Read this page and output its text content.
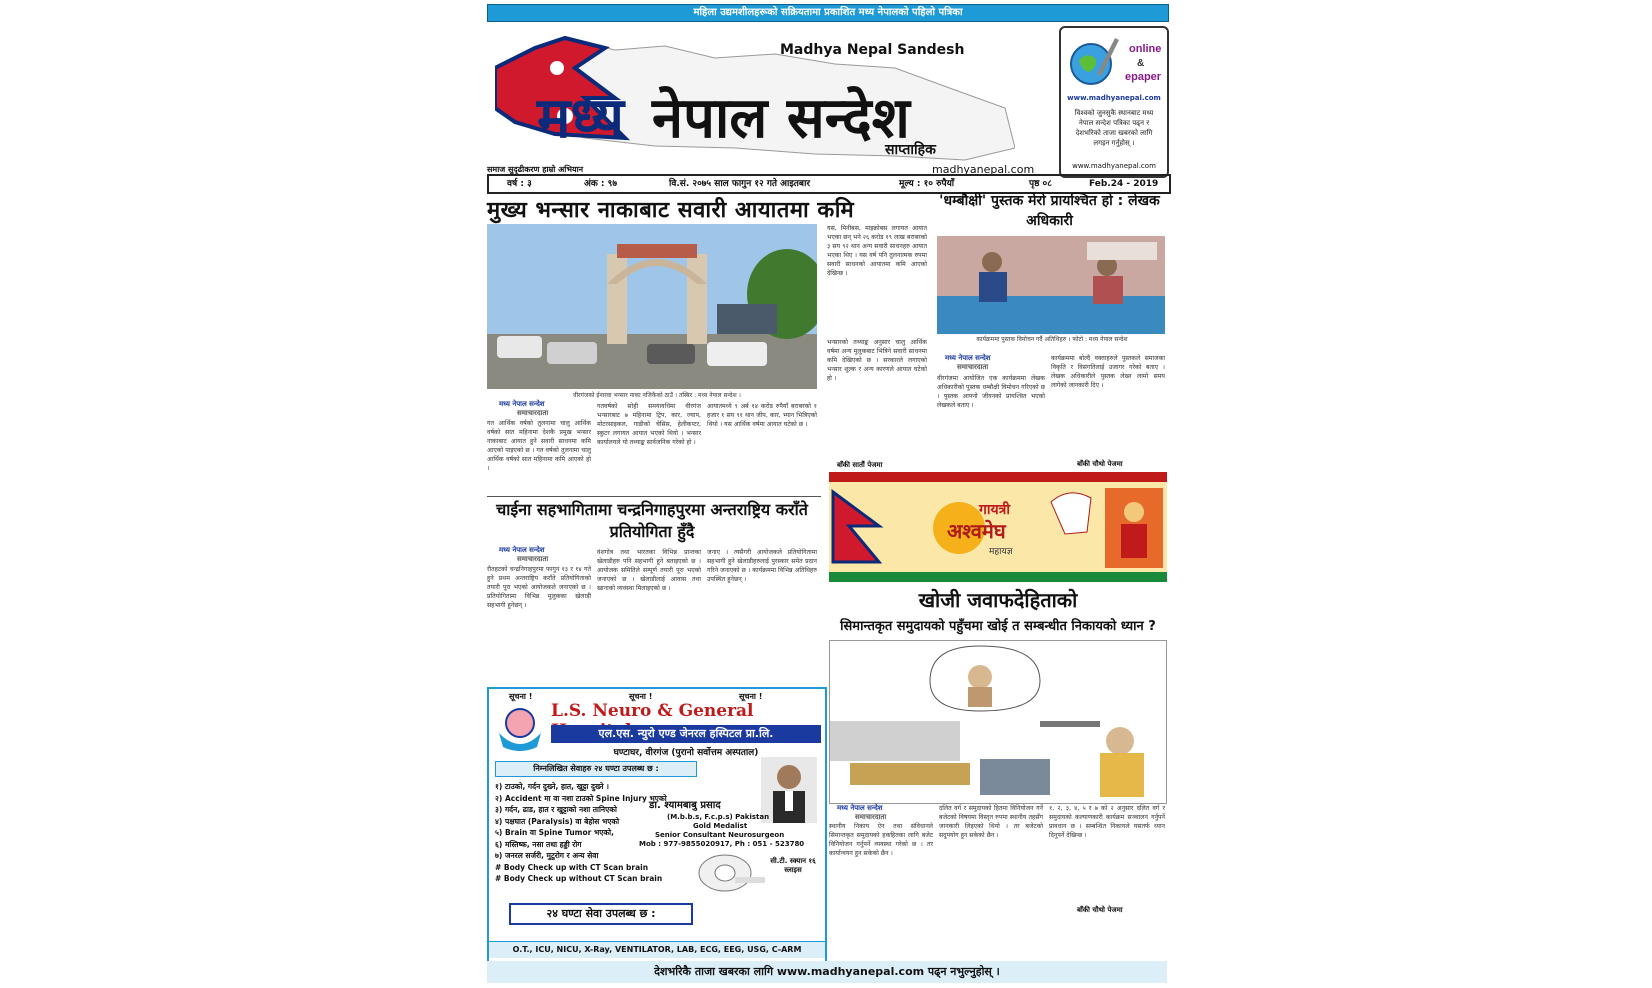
महिला उद्यमशीलहरूको सक्रियतामा प्रकाशित मध्य नेपालको पहिलो पत्रिका
Madhya Nepal Sandesh
मध्य नेपाल सन्देश
साप्ताहिक
समाज सुदृढीकरण हाम्रो अभियान	madhyanepal.com
online
&
epaper
www.madhyanepal.com
विश्वको जुनसुकै स्थानबाट मध्य नेपाल सन्देश पत्रिका पढ्न र देशभरिको ताजा खबरको लागि लगइन गर्नुहोस् ।
www.madhyanepal.com
वर्ष : ३	अंक : ९७	वि.सं. २०७५ साल फागुन १२ गते आइतबार	मूल्य : १० रुपैयाँ	पृष्ठ ०८	Feb.24 - 2019
मुख्य भन्सार नाकाबाट सवारी आयातमा कमि
वीरगंजको ईनारवा भन्सार नाका नजिकैको ठाउँ । तस्बिर : मध्य नेपाल सन्देश ।
मध्य नेपाल सन्देश
समाचारदाता
गत आर्थिक वर्षको तुलनामा चालु आर्थिक वर्षको सात महिनामा देशकै प्रमुख भन्सार नाकाबाट आयात हुने सवारी साधनमा कमि आएको पाइएको छ । गत वर्षको तुलनामा चालु आर्थिक वर्षको सात महिनामा कमि आएको हो ।
गतवर्षको सोही समयावधिमा वीरगंज भन्सारबाट ७ महिनामा ट्रिप, कार, ज्याप, मोटरसाइकल, गाडीको चेसिस, हेलीकप्टर, स्कुटर लगायत आयात भएको थियो । भन्सार कार्यालयले यो तथ्याङ्क सार्वजनिक गरेको हो ।
आयातमध्ये ९ अर्ब १४ करोड रुपैयाँ बराबरको १ हजार १ सय ९१ थान जीप, कार, भ्यान भित्रिएको थियो । यस आर्थिक वर्षमा आयात घटेको छ ।
यस, मिनीबस, माइक्रोबस लगायत आयात भएका छन् भने २६ करोड १९ लाख बराबरको ३ सय ९२ थान अन्य सवारी साधनहरु आयात भएका थिए । यस वर्ष पनि तुलनात्मक रुपमा सवारी साधनको आयातमा कमि आएको देखिन्छ ।
भन्सारको तथ्याङ्क अनुसार चालु आर्थिक वर्षमा अन्य मुलुकबाट भित्रिने सवारी साधनमा कमि देखिएको छ । सरकारले लगाएको भन्सार शुल्क र अन्य कारणले आयात घटेको हो ।
बाँकी सातौं पेजमा
चाईना सहभागितामा चन्द्रनिगाहपुरमा अन्तराष्ट्रिय कराँते प्रतियोगिता हुँदै
मध्य नेपाल सन्देश
समाचारदाता
रौतहटको चन्द्रनिगाहपुरमा फागुन १३ र १४ गते हुने प्रथम अन्तराष्ट्रिय कराँते प्रतियोगिताको तयारी पूरा भएको आयोजकले जनाएको छ । प्रतियोगितामा विभिन्न मुलुकका खेलाडी सहभागी हुनेछन् ।
वंशगोत्र तथा भारतका विभिन्न प्रान्तका खेलाडीहरु पनि सहभागी हुने बताइएको छ । आयोजक समितिले सम्पूर्ण तयारी पूरा भएको जनाएको छ । खेलाडीलाई आवास तथा खानाको व्यवस्था मिलाइएको छ ।
जनाए । त्यसैगरी आयोजकले प्रतियोगितामा सहभागी हुने खेलाडीहरुलाई पुरस्कार समेत प्रदान गरिने जनाएको छ । कार्यक्रममा विभिन्न अतिथिहरु उपस्थित हुनेछन् ।
'धम्बौक्षी' पुस्तक मेरो प्रायश्चित हो : लेखक अधिकारी
कार्यक्रममा पुस्तक विमोचन गर्दै अतिथिहरु । फोटो : मध्य नेपाल सन्देश
मध्य नेपाल सन्देश
समाचारदाता
वीरगंजमा आयोजित एक कार्यक्रममा लेखक अधिकारीको पुस्तक धम्बौक्षी विमोचन गरिएको छ । पुस्तक आफ्नो जीवनको प्रायश्चित भएको लेखकले बताए ।
कार्यक्रममा बोल्दै वक्ताहरुले पुस्तकले समाजका विकृति र विसंगतिलाई उजागर गरेको बताए । लेखक अधिकारीले पुस्तक लेख्न लामो समय लागेको जानकारी दिए ।
बाँकी चौथो पेजमा
गायत्री
अश्वमेघ
महायज्ञ
खोजी जवाफदेहिताको
सिमान्तकृत समुदायको पहुँचमा खोई त सम्बन्धीत निकायको ध्यान ?
मध्य नेपाल सन्देश
समाचारदाता
स्थानीय निकाय ऐन तथा संविधानले सिमान्तकृत समुदायको हकहितका लागि बजेट विनियोजन गर्नुपर्ने व्यवस्था गरेको छ । तर कार्यान्वयन हुन सकेको छैन ।
दलित वर्ग र समुदायको हितमा विनियोजन गर्ने बजेटको विषयमा विस्तृत रुपमा स्थानीय तहसँग जानकारी लिइएको थियो । तर बजेटको सदुपयोग हुन सकेको छैन ।
१, २, ३, ४, ५ र ७ को २ अनुसार दलित वर्ग र समुदायको कल्याणकारी कार्यक्रम सञ्चालन गर्नुपर्ने प्रावधान छ । सम्बन्धित निकायले यसतर्फ ध्यान दिनुपर्ने देखिन्छ ।
बाँकी चौथो पेजमा
सूचना !	सूचना !	सूचना !
L.S. Neuro & General
एल.एस. न्युरो एण्ड जेनरल हस्पिटल प्रा.लि.
घण्टाघर, वीरगंज (पुरानो सर्वोत्तम अस्पताल)
निम्नलिखित सेवाहरु २४ घण्टा उपलब्ध छ :
१) टाउको, गर्दन दुख्ने, हात, खुट्टा दुख्ने ।
२) Accident मा वा नशा टाउको Spine Injury भएको
३) गर्दन, ढाड, हात र खुट्टाको नशा तानिएको
४) पक्षघात (Paralysis) वा बेहोस भएको
५) Brain वा Spine Tumor भएको,
६) मस्तिष्क, नसा तथा हड्डी रोग
७) जनरल सर्जरी, मुटुरोग र अन्य सेवा
# Body Check up with CT Scan brain
# Body Check up without CT Scan brain
डा. श्यामबाबु प्रसाद
(M.b.b.s, F.c.p.s) Pakistan
Gold Medalist
Senior Consultant Neurosurgeon
Mob : 977-9855020917, Ph : 051 - 523780
सी.टी. स्क्यान १६ स्लाइस
२४ घण्टा सेवा उपलब्ध छ :
O.T., ICU, NICU, X-Ray, VENTILATOR, LAB, ECG, EEG, USG, C-ARM
देशभरिकै ताजा खबरका लागि www.madhyanepal.com पढ्न नभुल्नुहोस् ।
